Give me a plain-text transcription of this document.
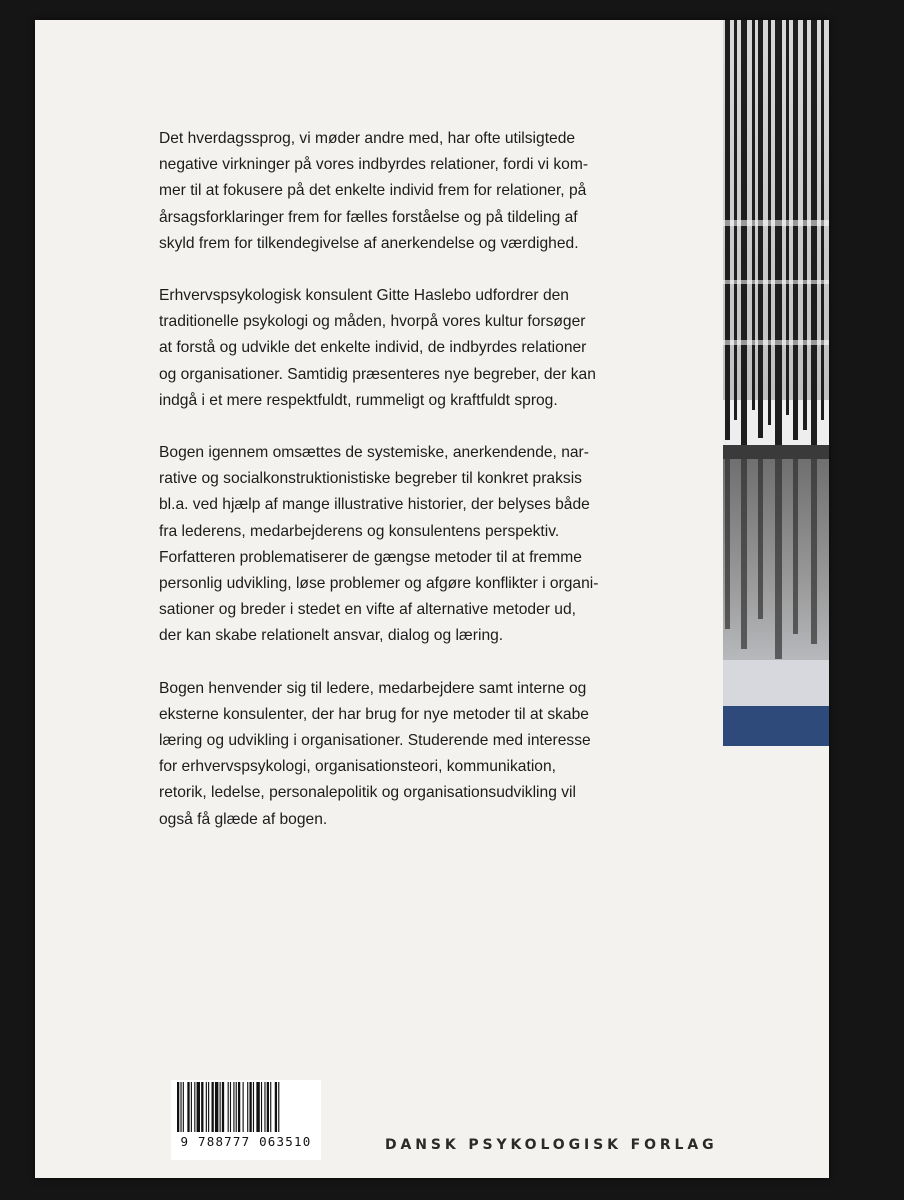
Det hverdagssprog, vi møder andre med, har ofte utilsigtede
negative virkninger på vores indbyrdes relationer, fordi vi kom-
mer til at fokusere på det enkelte individ frem for relationer, på
årsagsforklaringer frem for fælles forståelse og på tildeling af
skyld frem for tilkendegivelse af anerkendelse og værdighed.

Erhvervspsykologisk konsulent Gitte Haslebo udfordrer den
traditionelle psykologi og måden, hvorpå vores kultur forsøger
at forstå og udvikle det enkelte individ, de indbyrdes relationer
og organisationer. Samtidig præsenteres nye begreber, der kan
indgå i et mere respektfuldt, rummeligt og kraftfuldt sprog.

Bogen igennem omsættes de systemiske, anerkendende, nar-
rative og socialkonstruktionistiske begreber til konkret praksis
bl.a. ved hjælp af mange illustrative historier, der belyses både
fra lederens, medarbejderens og konsulentens perspektiv.
Forfatteren problematiserer de gængse metoder til at fremme
personlig udvikling, løse problemer og afgøre konflikter i organi-
sationer og breder i stedet en vifte af alternative metoder ud,
der kan skabe relationelt ansvar, dialog og læring.

Bogen henvender sig til ledere, medarbejdere samt interne og
eksterne konsulenter, der har brug for nye metoder til at skabe
læring og udvikling i organisationer. Studerende med interesse
for erhvervspsykologi, organisationsteori, kommunikation,
retorik, ledelse, personalepolitik og organisationsudvikling vil
også få glæde af bogen.

9 788777 063510	DANSK PSYKOLOGISK FORLAG
